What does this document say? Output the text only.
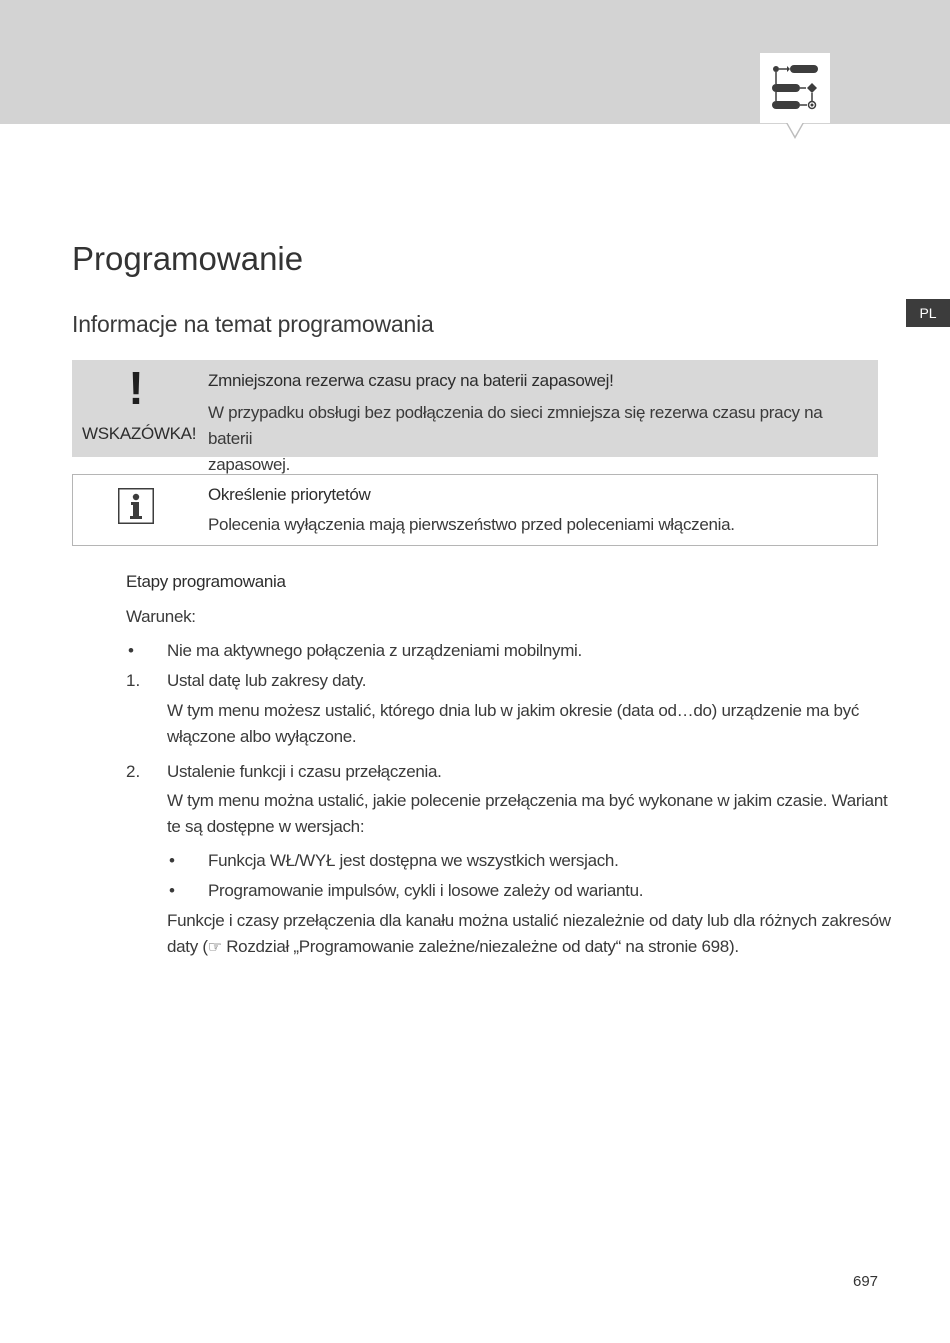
PL
Programowanie
Informacje na temat programowania
!
WSKAZÓWKA!
Zmniejszona rezerwa czasu pracy na baterii zapasowej!
W przypadku obsługi bez podłączenia do sieci zmniejsza się rezerwa czasu pracy na baterii
zapasowej.
Określenie priorytetów
Polecenia wyłączenia mają pierwszeństwo przed poleceniami włączenia.
Etapy programowania
Warunek:
• Nie ma aktywnego połączenia z urządzeniami mobilnymi.
1. Ustal datę lub zakresy daty.
W tym menu możesz ustalić, którego dnia lub w jakim okresie (data od…do) urządzenie ma być
włączone albo wyłączone.
2. Ustalenie funkcji i czasu przełączenia.
W tym menu można ustalić, jakie polecenie przełączenia ma być wykonane w jakim czasie. Wariant
te są dostępne w wersjach:
• Funkcja WŁ/WYŁ jest dostępna we wszystkich wersjach.
• Programowanie impulsów, cykli i losowe zależy od wariantu.
Funkcje i czasy przełączenia dla kanału można ustalić niezależnie od daty lub dla różnych zakresów
daty (☞ Rozdział „Programowanie zależne/niezależne od daty“ na stronie 698).
697
